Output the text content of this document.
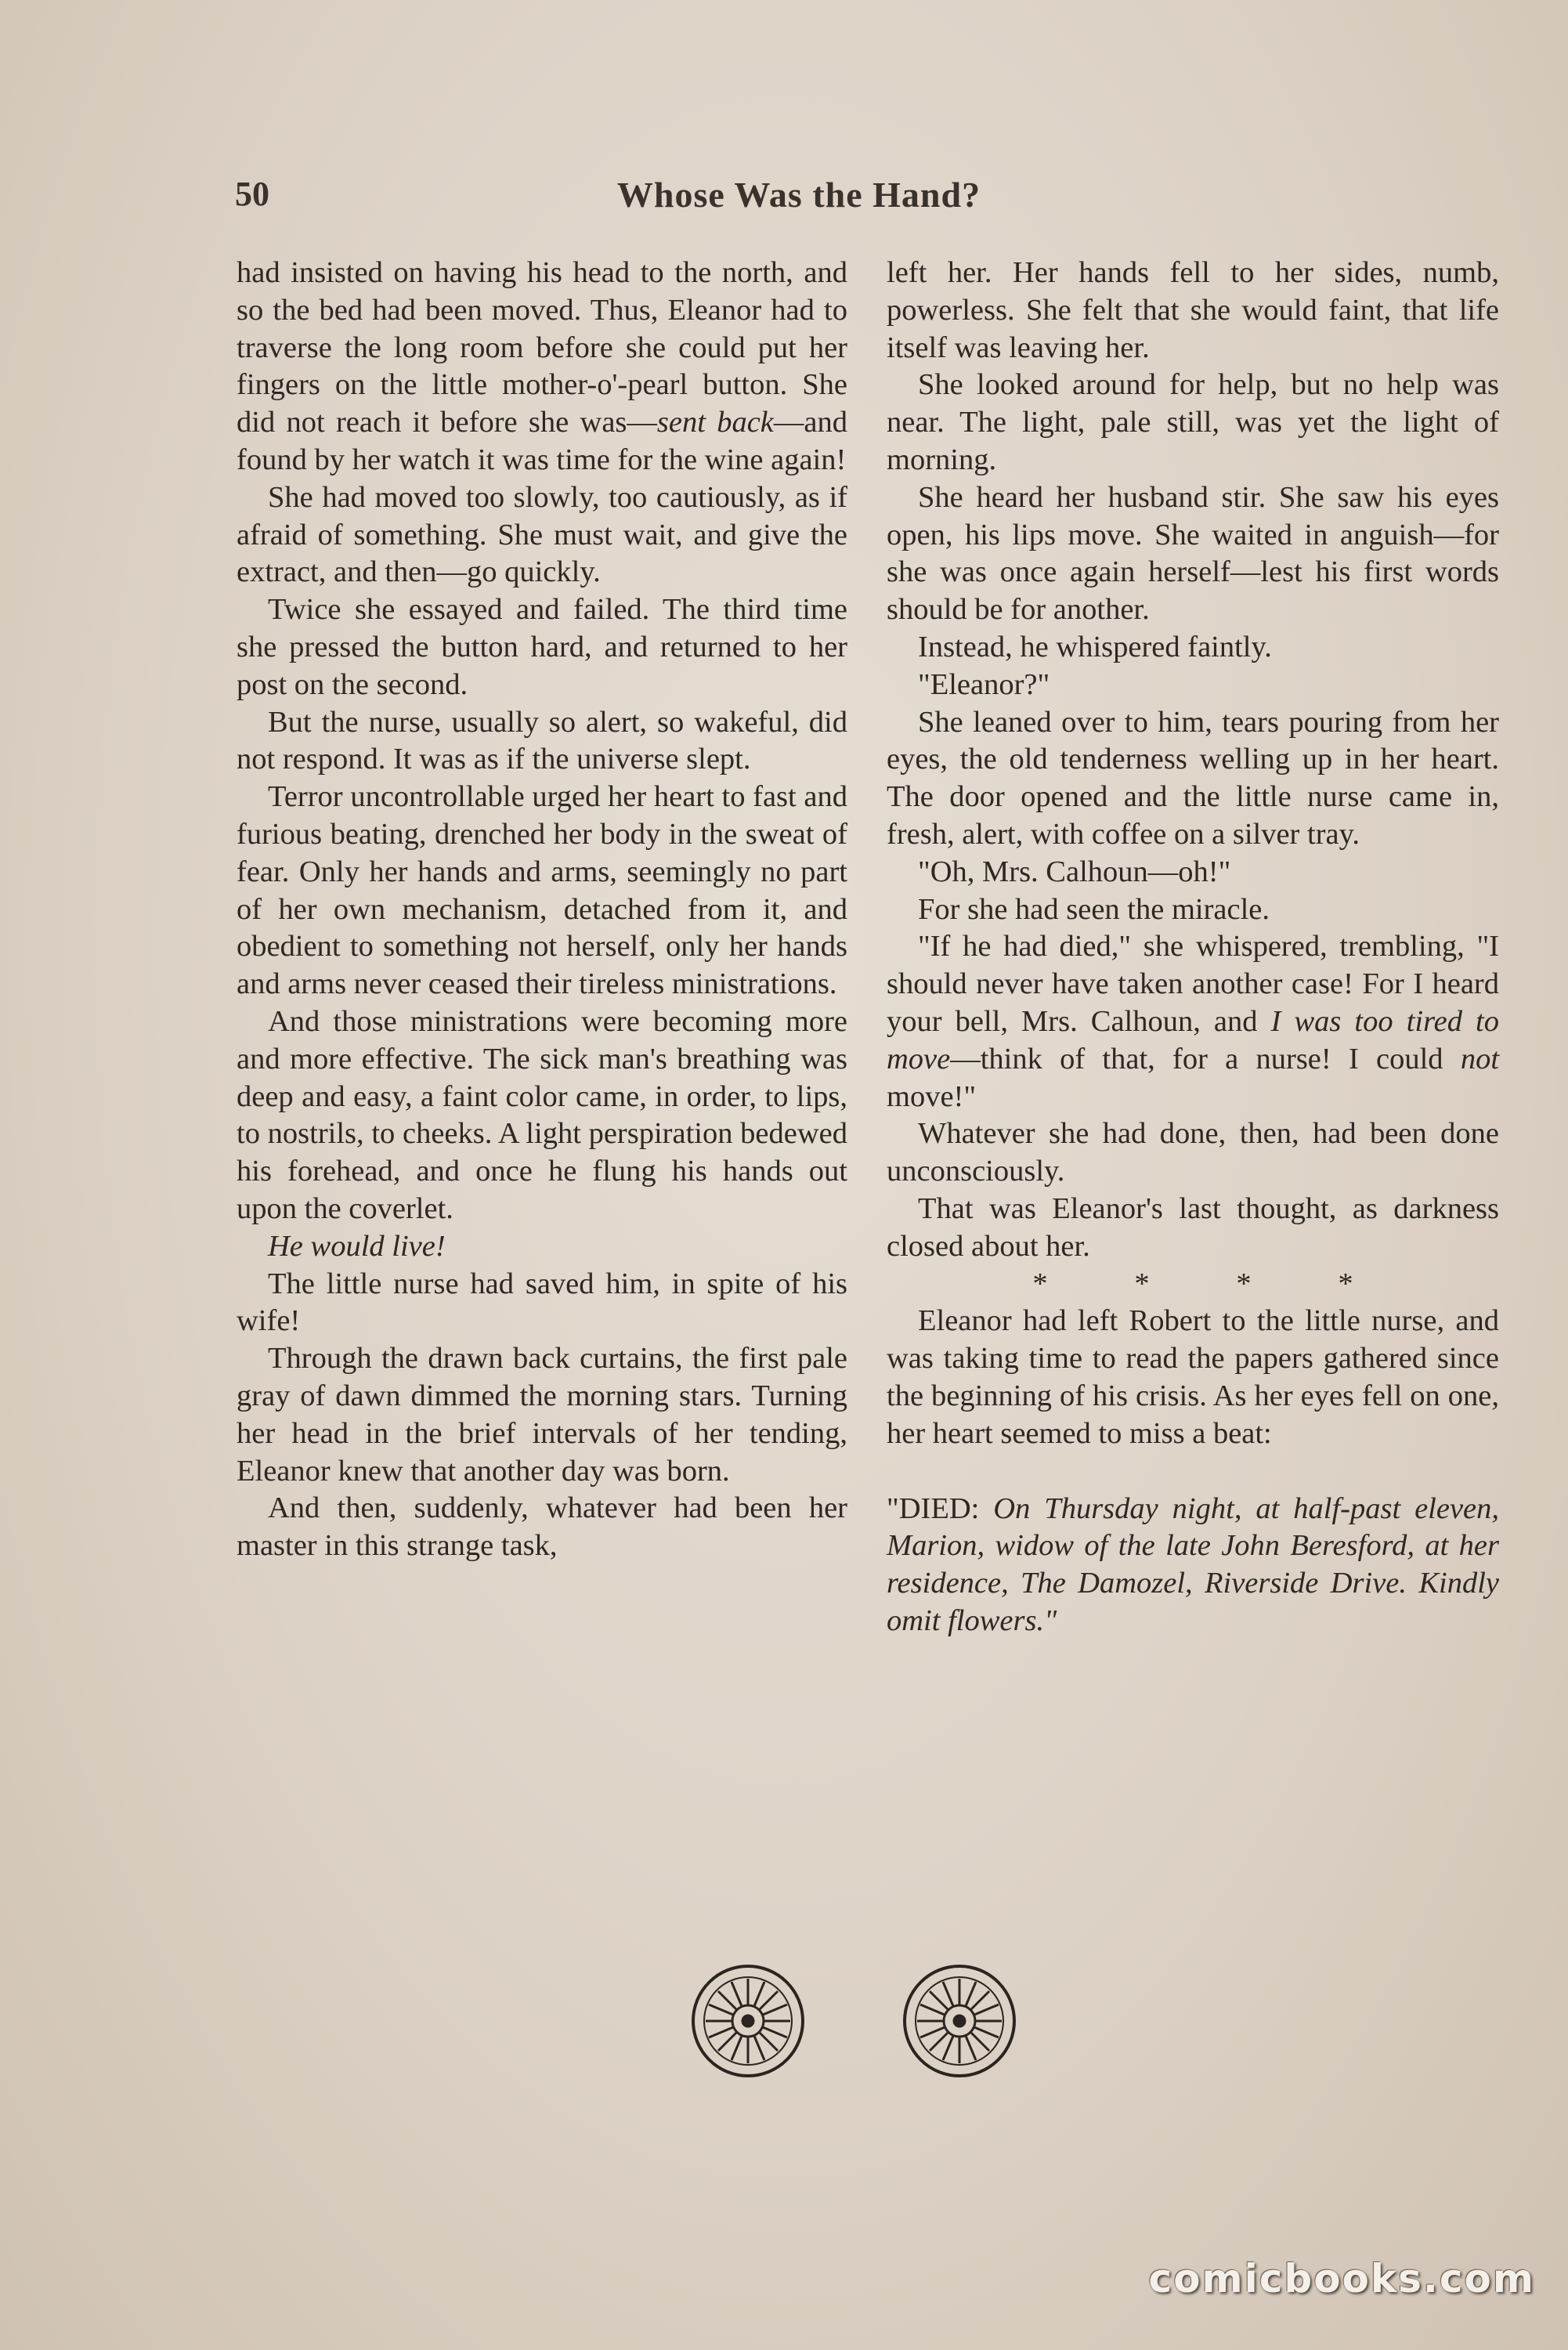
50	Whose Was the Hand?

had insisted on having his head to the north, and so the bed had been moved. Thus, Eleanor had to traverse the long room before she could put her fingers on the little mother-o'-pearl button. She did not reach it before she was—sent back—and found by her watch it was time for the wine again!

She had moved too slowly, too cautiously, as if afraid of something. She must wait, and give the extract, and then—go quickly.

Twice she essayed and failed. The third time she pressed the button hard, and returned to her post on the second.

But the nurse, usually so alert, so wakeful, did not respond. It was as if the universe slept.

Terror uncontrollable urged her heart to fast and furious beating, drenched her body in the sweat of fear. Only her hands and arms, seemingly no part of her own mechanism, detached from it, and obedient to something not herself, only her hands and arms never ceased their tireless ministrations.

And those ministrations were becoming more and more effective. The sick man's breathing was deep and easy, a faint color came, in order, to lips, to nostrils, to cheeks. A light perspiration bedewed his forehead, and once he flung his hands out upon the coverlet.

He would live!

The little nurse had saved him, in spite of his wife!

Through the drawn back curtains, the first pale gray of dawn dimmed the morning stars. Turning her head in the brief intervals of her tending, Eleanor knew that another day was born.

And then, suddenly, whatever had been her master in this strange task,

left her. Her hands fell to her sides, numb, powerless. She felt that she would faint, that life itself was leaving her.

She looked around for help, but no help was near. The light, pale still, was yet the light of morning.

She heard her husband stir. She saw his eyes open, his lips move. She waited in anguish—for she was once again herself—lest his first words should be for another.

Instead, he whispered faintly.

"Eleanor?"

She leaned over to him, tears pouring from her eyes, the old tenderness welling up in her heart. The door opened and the little nurse came in, fresh, alert, with coffee on a silver tray.

"Oh, Mrs. Calhoun—oh!"

For she had seen the miracle.

"If he had died," she whispered, trembling, "I should never have taken another case! For I heard your bell, Mrs. Calhoun, and I was too tired to move—think of that, for a nurse! I could not move!"

Whatever she had done, then, had been done unconsciously.

That was Eleanor's last thought, as darkness closed about her.

*	*	*	*

Eleanor had left Robert to the little nurse, and was taking time to read the papers gathered since the beginning of his crisis. As her eyes fell on one, her heart seemed to miss a beat:

"DIED: On Thursday night, at half-past eleven, Marion, widow of the late John Beresford, at her residence, The Damozel, Riverside Drive. Kindly omit flowers."

comicbooks.com
